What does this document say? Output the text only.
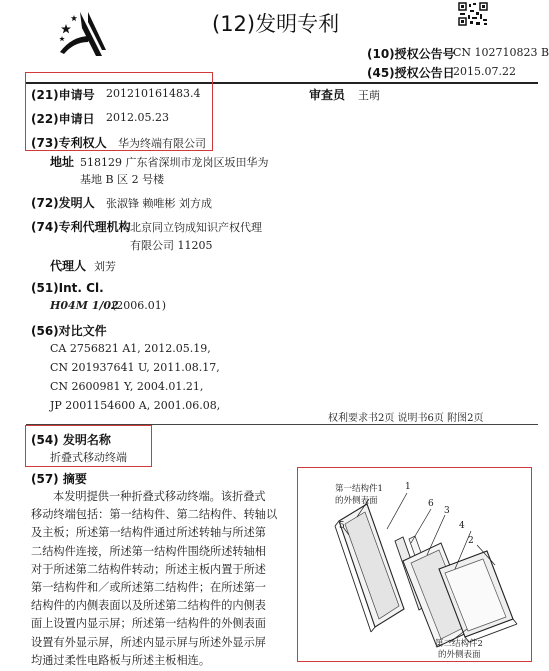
(12)发明专利
(10)授权公告号
CN 102710823 B
(45)授权公告日
2015.07.22
(21)申请号 201210161483.4
(22)申请日 2012.05.23
(73)专利权人 华为终端有限公司
审查员 王萌
地址 518129 广东省深圳市龙岗区坂田华为
基地 B 区 2 号楼
(72)发明人 张淑锋 赖唯彬 刘方成
(74)专利代理机构 北京同立钧成知识产权代理
有限公司 11205
代理人 刘芳
(51)Int. Cl.
H04M 1/02
(2006.01)
(56)对比文件
CA 2756821 A1, 2012.05.19,
CN 201937641 U, 2011.08.17,
CN 2600981 Y, 2004.01.21,
JP 2001154600 A, 2001.06.08,
权利要求书2页 说明书6页 附图2页
(54) 发明名称
折叠式移动终端
(57) 摘要
本发明提供一种折叠式移动终端。该折叠式
移动终端包括：第一结构件、第二结构件、转轴以
及主板；所述第一结构件通过所述转轴与所述第
二结构件连接，所述第一结构件围绕所述转轴相
对于所述第二结构件转动；所述主板内置于所述
第一结构件和／或所述第二结构件；在所述第一
结构件的内侧表面以及所述第二结构件的内侧表
面上设置内显示屏；所述第一结构件的外侧表面
设置有外显示屏，所述内显示屏与所述外显示屏
均通过柔性电路板与所述主板相连。
第一结构件1
的外侧表面
1
6
3
4
5
2
第二结构件2
的外侧表面
